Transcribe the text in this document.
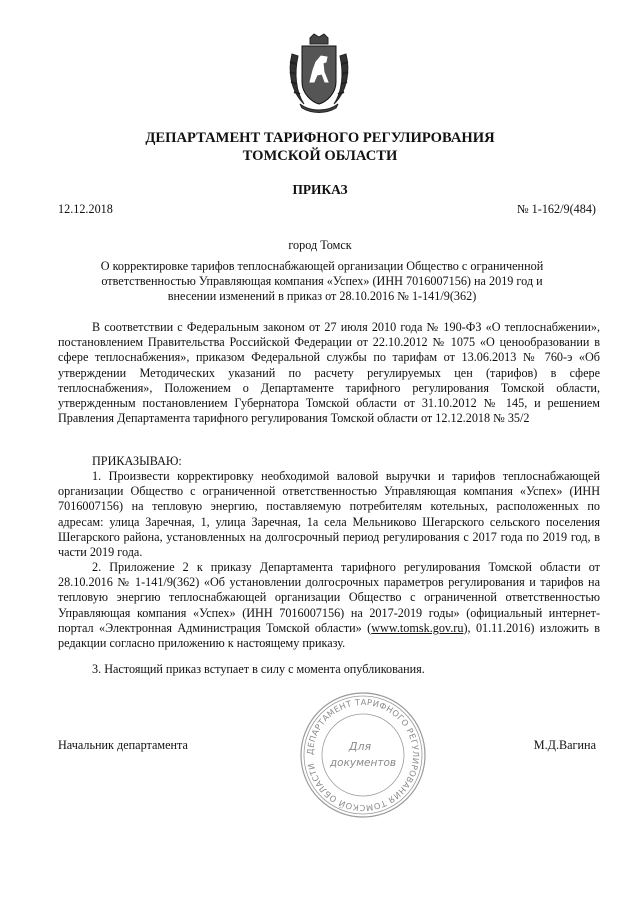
ДЕПАРТАМЕНТ ТАРИФНОГО РЕГУЛИРОВАНИЯ
ТОМСКОЙ ОБЛАСТИ
ПРИКАЗ
12.12.2018	№ 1-162/9(484)
город Томск
О корректировке тарифов теплоснабжающей организации Общество с ограниченной ответственностью Управляющая компания «Успех» (ИНН 7016007156) на 2019 год и внесении изменений в приказ от 28.10.2016 № 1-141/9(362)
В соответствии с Федеральным законом от 27 июля 2010 года № 190-ФЗ «О теплоснабжении», постановлением Правительства Российской Федерации от 22.10.2012 № 1075 «О ценообразовании в сфере теплоснабжения», приказом Федеральной службы по тарифам от 13.06.2013 № 760-э «Об утверждении Методических указаний по расчету регулируемых цен (тарифов) в сфере теплоснабжения», Положением о Департаменте тарифного регулирования Томской области, утвержденным постановлением Губернатора Томской области от 31.10.2012 № 145, и решением Правления Департамента тарифного регулирования Томской области от 12.12.2018 № 35/2
ПРИКАЗЫВАЮ:
1. Произвести корректировку необходимой валовой выручки и тарифов теплоснабжающей организации Общество с ограниченной ответственностью Управляющая компания «Успех» (ИНН 7016007156) на тепловую энергию, поставляемую потребителям котельных, расположенных по адресам: улица Заречная, 1, улица Заречная, 1а села Мельниково Шегарского сельского поселения Шегарского района, установленных на долгосрочный период регулирования с 2017 года по 2019 год, в части 2019 года.
2. Приложение 2 к приказу Департамента тарифного регулирования Томской области от 28.10.2016 № 1-141/9(362) «Об установлении долгосрочных параметров регулирования и тарифов на тепловую энергию теплоснабжающей организации Общество с ограниченной ответственностью Управляющая компания «Успех» (ИНН 7016007156) на 2017-2019 годы» (официальный интернет-портал «Электронная Администрация Томской области» (www.tomsk.gov.ru), 01.11.2016) изложить в редакции согласно приложению к настоящему приказу.
3. Настоящий приказ вступает в силу с момента опубликования.
Начальник департамента	М.Д.Вагина
ДЕПАРТАМЕНТ ТАРИФНОГО РЕГУЛИРОВАНИЯ ТОМСКОЙ ОБЛАСТИ
Для
документов
